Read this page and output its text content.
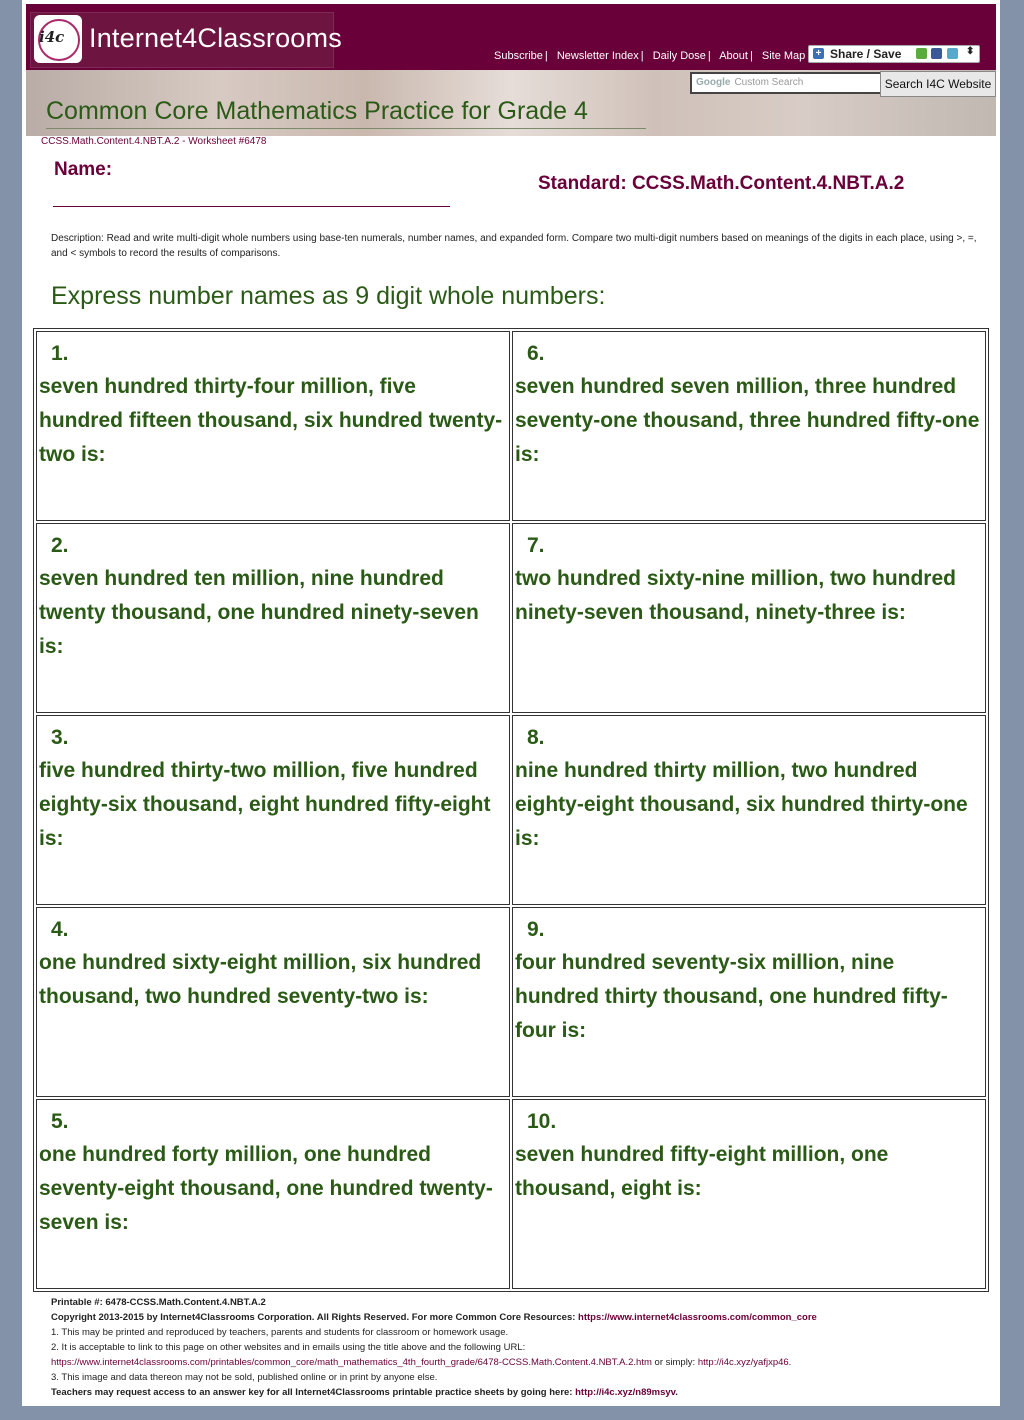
i4c Internet4Classrooms
Subscribe | Newsletter Index | Daily Dose | About | Site Map + Share / Save	⬍
Google Custom Search	Search I4C Website
Common Core Mathematics Practice for Grade 4
CCSS.Math.Content.4.NBT.A.2 - Worksheet #6478
Name:
Standard: CCSS.Math.Content.4.NBT.A.2
Description: Read and write multi-digit whole numbers using base-ten numerals, number names, and expanded form. Compare two multi-digit numbers based on meanings of the digits in each place, using >, =, and < symbols to record the results of comparisons.
Express number names as 9 digit whole numbers:
1.
seven hundred thirty-four million, five hundred fifteen thousand, six hundred twenty-two is:
2.
seven hundred ten million, nine hundred twenty thousand, one hundred ninety-seven is:
3.
five hundred thirty-two million, five hundred eighty-six thousand, eight hundred fifty-eight is:
4.
one hundred sixty-eight million, six hundred thousand, two hundred seventy-two is:
5.
one hundred forty million, one hundred seventy-eight thousand, one hundred twenty-seven is:
6.
seven hundred seven million, three hundred seventy-one thousand, three hundred fifty-one is:
7.
two hundred sixty-nine million, two hundred ninety-seven thousand, ninety-three is:
8.
nine hundred thirty million, two hundred eighty-eight thousand, six hundred thirty-one is:
9.
four hundred seventy-six million, nine hundred thirty thousand, one hundred fifty-four is:
10.
seven hundred fifty-eight million, one thousand, eight is:
Printable #: 6478-CCSS.Math.Content.4.NBT.A.2
Copyright 2013-2015 by Internet4Classrooms Corporation. All Rights Reserved. For more Common Core Resources: https://www.internet4classrooms.com/common_core
1. This may be printed and reproduced by teachers, parents and students for classroom or homework usage.
2. It is acceptable to link to this page on other websites and in emails using the title above and the following URL:
https://www.internet4classrooms.com/printables/common_core/math_mathematics_4th_fourth_grade/6478-CCSS.Math.Content.4.NBT.A.2.htm or simply: http://i4c.xyz/yafjxp46.
3. This image and data thereon may not be sold, published online or in print by anyone else.
Teachers may request access to an answer key for all Internet4Classrooms printable practice sheets by going here: http://i4c.xyz/n89msyv.
